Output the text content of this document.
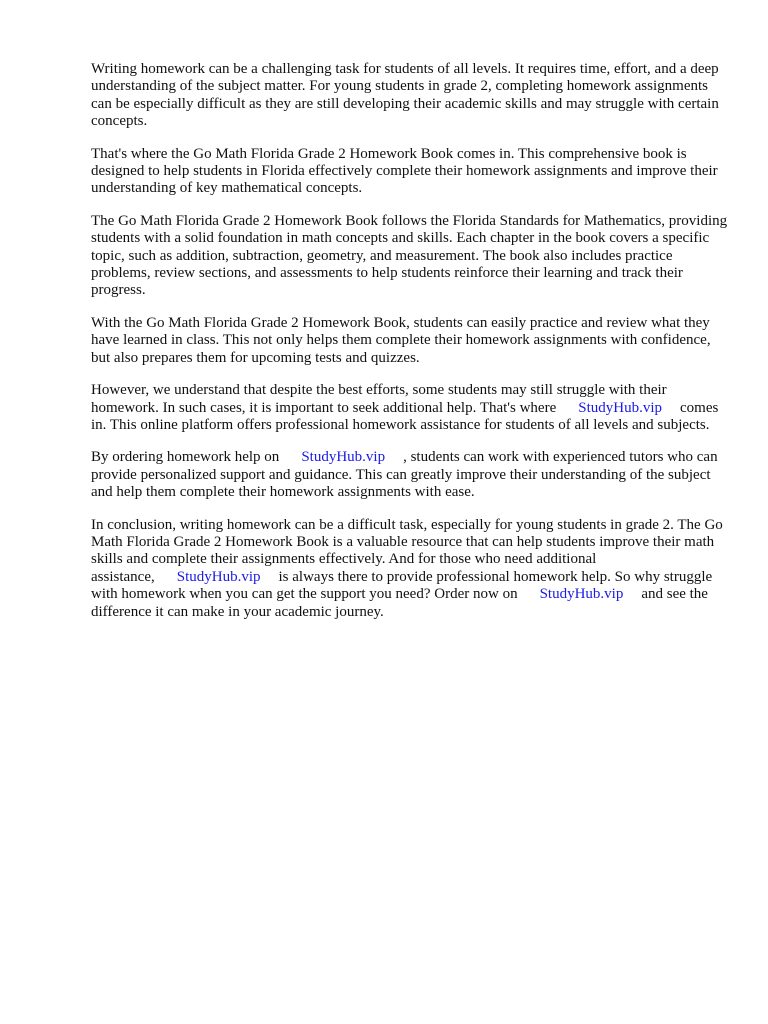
Writing homework can be a challenging task for students of all levels. It requires time, effort, and a deep understanding of the subject matter. For young students in grade 2, completing homework assignments can be especially difficult as they are still developing their academic skills and may struggle with certain concepts.

That's where the Go Math Florida Grade 2 Homework Book comes in. This comprehensive book is designed to help students in Florida effectively complete their homework assignments and improve their understanding of key mathematical concepts.

The Go Math Florida Grade 2 Homework Book follows the Florida Standards for Mathematics, providing students with a solid foundation in math concepts and skills. Each chapter in the book covers a specific topic, such as addition, subtraction, geometry, and measurement. The book also includes practice problems, review sections, and assessments to help students reinforce their learning and track their progress.

With the Go Math Florida Grade 2 Homework Book, students can easily practice and review what they have learned in class. This not only helps them complete their homework assignments with confidence, but also prepares them for upcoming tests and quizzes.

However, we understand that despite the best efforts, some students may still struggle with their homework. In such cases, it is important to seek additional help. That's where StudyHub.vip comes in. This online platform offers professional homework assistance for students of all levels and subjects.

By ordering homework help on StudyHub.vip , students can work with experienced tutors who can provide personalized support and guidance. This can greatly improve their understanding of the subject and help them complete their homework assignments with ease.

In conclusion, writing homework can be a difficult task, especially for young students in grade 2. The Go Math Florida Grade 2 Homework Book is a valuable resource that can help students improve their math skills and complete their assignments effectively. And for those who need additional assistance, StudyHub.vip is always there to provide professional homework help. So why struggle with homework when you can get the support you need? Order now on StudyHub.vip and see the difference it can make in your academic journey.
